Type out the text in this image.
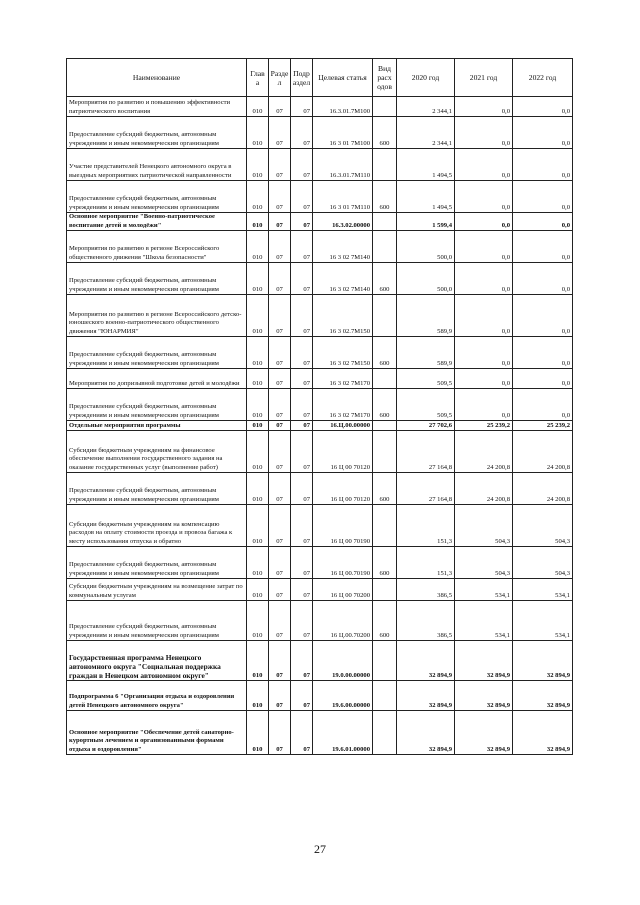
Наименование	Глав а	Разде л	Подр аздел	Целевая статья	Вид расх одов	2020 год	2021 год	2022 год
Мероприятия по развитию и повышению эффективности патриотического воспитания	010	07	07	16.3.01.7М100		2 344,1	0,0	0,0
Предоставление субсидий бюджетным, автономным учреждениям и иным некоммерческим организациям	010	07	07	16 3 01 7М100	600	2 344,1	0,0	0,0
Участие представителей Ненецкого автономного округа в выездных мероприятиях патриотической направленности	010	07	07	16.3.01.7М110		1 494,5	0,0	0,0
Предоставление субсидий бюджетным, автономным учреждениям и иным некоммерческим организациям	010	07	07	16 3 01 7М110	600	1 494,5	0,0	0,0
Основное мероприятие "Военно-патриотическое воспитание детей и молодёжи"	010	07	07	16.3.02.00000		1 599,4	0,0	0,0
Мероприятия по развитию в регионе Всероссийского общественного движения "Школа безопасности"	010	07	07	16 3 02 7М140		500,0	0,0	0,0
Предоставление субсидий бюджетным, автономным учреждениям и иным некоммерческим организациям	010	07	07	16 3 02 7М140	600	500,0	0,0	0,0
Мероприятия по развитию в регионе Всероссийского детско-юношеского военно-патриотического общественного движения "ЮНАРМИЯ"	010	07	07	16 3 02.7М150		589,9	0,0	0,0
Предоставление субсидий бюджетным, автономным учреждениям и иным некоммерческим организациям	010	07	07	16 3 02 7М150	600	589,9	0,0	0,0
Мероприятия по допризывной подготовке детей и молодёжи	010	07	07	16 3 02 7М170		509,5	0,0	0,0
Предоставление субсидий бюджетным, автономным учреждениям и иным некоммерческим организациям	010	07	07	16 3 02 7М170	600	509,5	0,0	0,0
Отдельные мероприятия программы	010	07	07	16.Ц.00.00000		27 702,6	25 239,2	25 239,2
Субсидии бюджетным учреждениям на финансовое обеспечение выполнения государственного задания на оказание государственных услуг (выполнение работ)	010	07	07	16 Ц 00 70120		27 164,8	24 200,8	24 200,8
Предоставление субсидий бюджетным, автономным учреждениям и иным некоммерческим организациям	010	07	07	16 Ц 00 70120	600	27 164,8	24 200,8	24 200,8
Субсидии бюджетным учреждениям на компенсацию расходов на оплату стоимости проезда и провоза багажа к месту использования отпуска и обратно	010	07	07	16 Ц 00 70190		151,3	504,3	504,3
Предоставление субсидий бюджетным, автономным учреждениям и иным некоммерческим организациям	010	07	07	16 Ц 00.70190	600	151,3	504,3	504,3
Субсидии бюджетным учреждениям на возмещение затрат по коммунальным услугам	010	07	07	16 Ц 00 70200		386,5	534,1	534,1
Предоставление субсидий бюджетным, автономным учреждениям и иным некоммерческим организациям	010	07	07	16 Ц.00.70200	600	386,5	534,1	534,1
Государственная программа Ненецкого автономного округа "Социальная поддержка граждан в Ненецком автономном округе"	010	07	07	19.0.00.00000		32 894,9	32 894,9	32 894,9
Подпрограмма 6 "Организация отдыха и оздоровления детей Ненецкого автономного округа"	010	07	07	19.6.00.00000		32 894,9	32 894,9	32 894,9
Основное мероприятие "Обеспечение детей санаторно-курортным лечением и организованными формами отдыха и оздоровления"	010	07	07	19.6.01.00000		32 894,9	32 894,9	32 894,9
27
